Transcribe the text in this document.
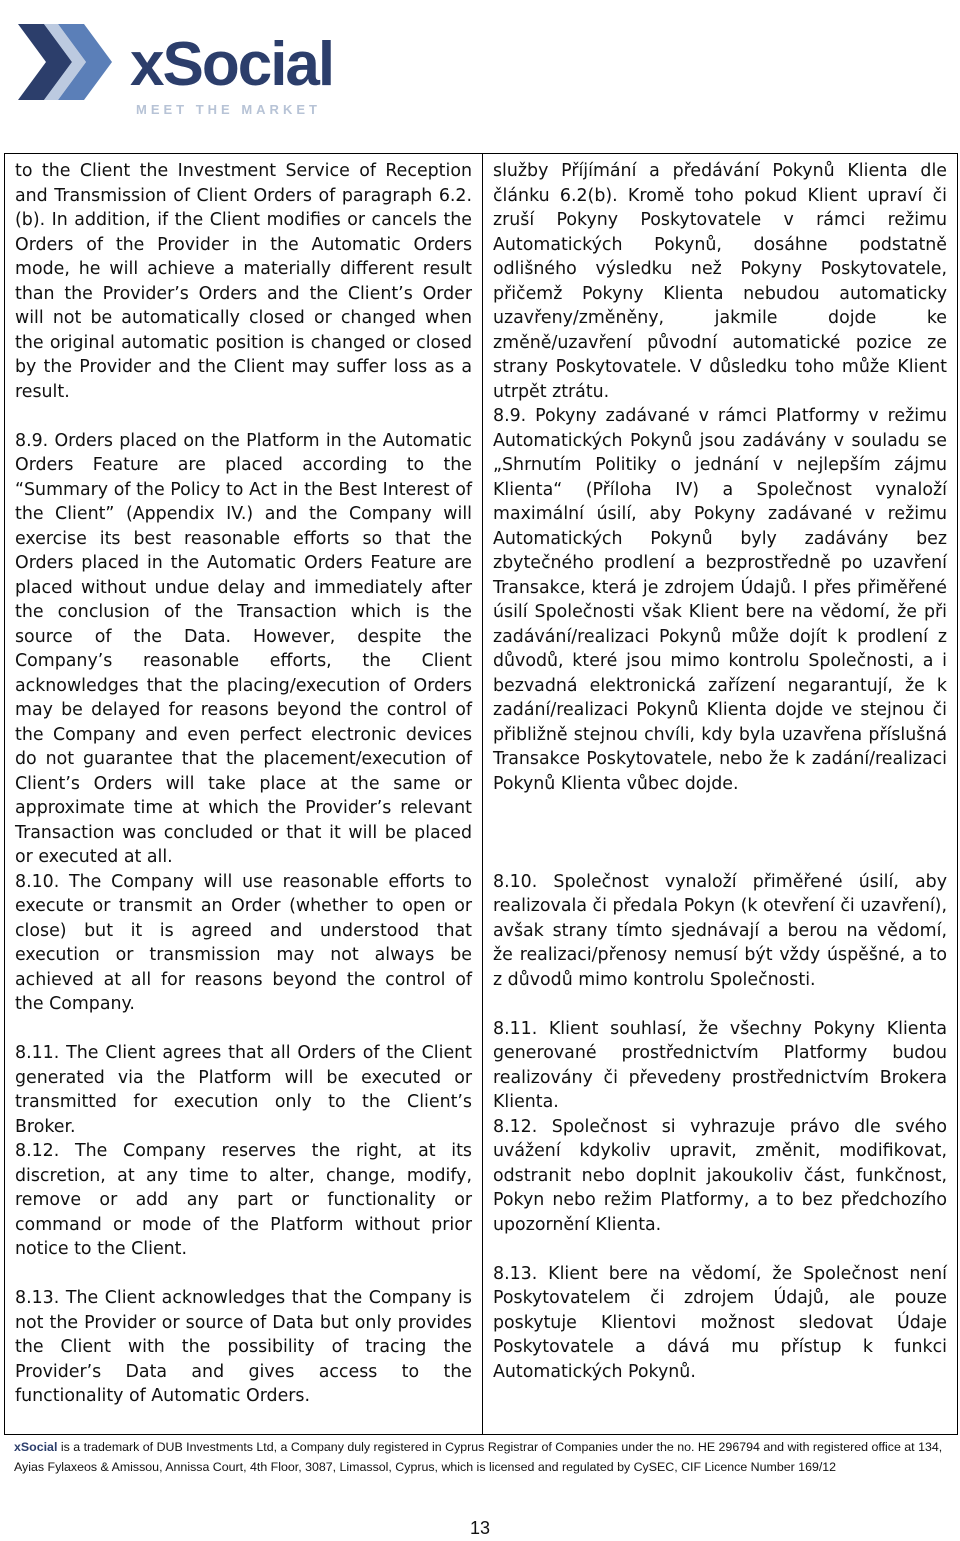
xSocial
MEET THE MARKET

to the Client the Investment Service of Reception and Transmission of Client Orders of paragraph 6.2.(b). In addition, if the Client modifies or cancels the Orders of the Provider in the Automatic Orders mode, he will achieve a materially different result than the Provider’s Orders and the Client’s Order will not be automatically closed or changed when the original automatic position is changed or closed by the Provider and the Client may suffer loss as a result.

8.9. Orders placed on the Platform in the Automatic Orders Feature are placed according to the “Summary of the Policy to Act in the Best Interest of the Client” (Appendix IV.) and the Company will exercise its best reasonable efforts so that the Orders placed in the Automatic Orders Feature are placed without undue delay and immediately after the conclusion of the Transaction which is the source of the Data. However, despite the Company’s reasonable efforts, the Client acknowledges that the placing/execution of Orders may be delayed for reasons beyond the control of the Company and even perfect electronic devices do not guarantee that the placement/execution of Client’s Orders will take place at the same or approximate time at which the Provider’s relevant Transaction was concluded or that it will be placed or executed at all.

8.10. The Company will use reasonable efforts to execute or transmit an Order (whether to open or close) but it is agreed and understood that execution or transmission may not always be achieved at all for reasons beyond the control of the Company.

8.11. The Client agrees that all Orders of the Client generated via the Platform will be executed or transmitted for execution only to the Client’s Broker.

8.12. The Company reserves the right, at its discretion, at any time to alter, change, modify, remove or add any part or functionality or command or mode of the Platform without prior notice to the Client.

8.13. The Client acknowledges that the Company is not the Provider or source of Data but only provides the Client with the possibility of tracing the Provider’s Data and gives access to the functionality of Automatic Orders.

služby Příjímání a předávání Pokynů Klienta dle článku 6.2(b). Kromě toho pokud Klient upraví či zruší Pokyny Poskytovatele v rámci režimu Automatických Pokynů, dosáhne podstatně odlišného výsledku než Pokyny Poskytovatele, přičemž Pokyny Klienta nebudou automaticky uzavřeny/změněny, jakmile dojde ke změně/uzavření původní automatické pozice ze strany Poskytovatele. V důsledku toho může Klient utrpět ztrátu.

8.9. Pokyny zadávané v rámci Platformy v režimu Automatických Pokynů jsou zadávány v souladu se „Shrnutím Politiky o jednání v nejlepším zájmu Klienta“ (Příloha IV) a Společnost vynaloží maximální úsilí, aby Pokyny zadávané v režimu Automatických Pokynů byly zadávány bez zbytečného prodlení a bezprostředně po uzavření Transakce, která je zdrojem Údajů. I přes přiměřené úsilí Společnosti však Klient bere na vědomí, že při zadávání/realizaci Pokynů může dojít k prodlení z důvodů, které jsou mimo kontrolu Společnosti, a i bezvadná elektronická zařízení negarantují, že k zadání/realizaci Pokynů Klienta dojde ve stejnou či přibližně stejnou chvíli, kdy byla uzavřena příslušná Transakce Poskytovatele, nebo že k zadání/realizaci Pokynů Klienta vůbec dojde.

8.10. Společnost vynaloží přiměřené úsilí, aby realizovala či předala Pokyn (k otevření či uzavření), avšak strany tímto sjednávají a berou na vědomí, že realizaci/přenosy nemusí být vždy úspěšné, a to z důvodů mimo kontrolu Společnosti.

8.11. Klient souhlasí, že všechny Pokyny Klienta generované prostřednictvím Platformy budou realizovány či převedeny prostřednictvím Brokera Klienta.

8.12. Společnost si vyhrazuje právo dle svého uvážení kdykoliv upravit, změnit, modifikovat, odstranit nebo doplnit jakoukoliv část, funkčnost, Pokyn nebo režim Platformy, a to bez předchozího upozornění Klienta.

8.13. Klient bere na vědomí, že Společnost není Poskytovatelem či zdrojem Údajů, ale pouze poskytuje Klientovi možnost sledovat Údaje Poskytovatele a dává mu přístup k funkci Automatických Pokynů.

xSocial is a trademark of DUB Investments Ltd, a Company duly registered in Cyprus Registrar of Companies under the no. HE 296794 and with registered office at 134, Ayias Fylaxeos & Amissou, Annissa Court, 4th Floor, 3087, Limassol, Cyprus, which is licensed and regulated by CySEC, CIF Licence Number 169/12
13
